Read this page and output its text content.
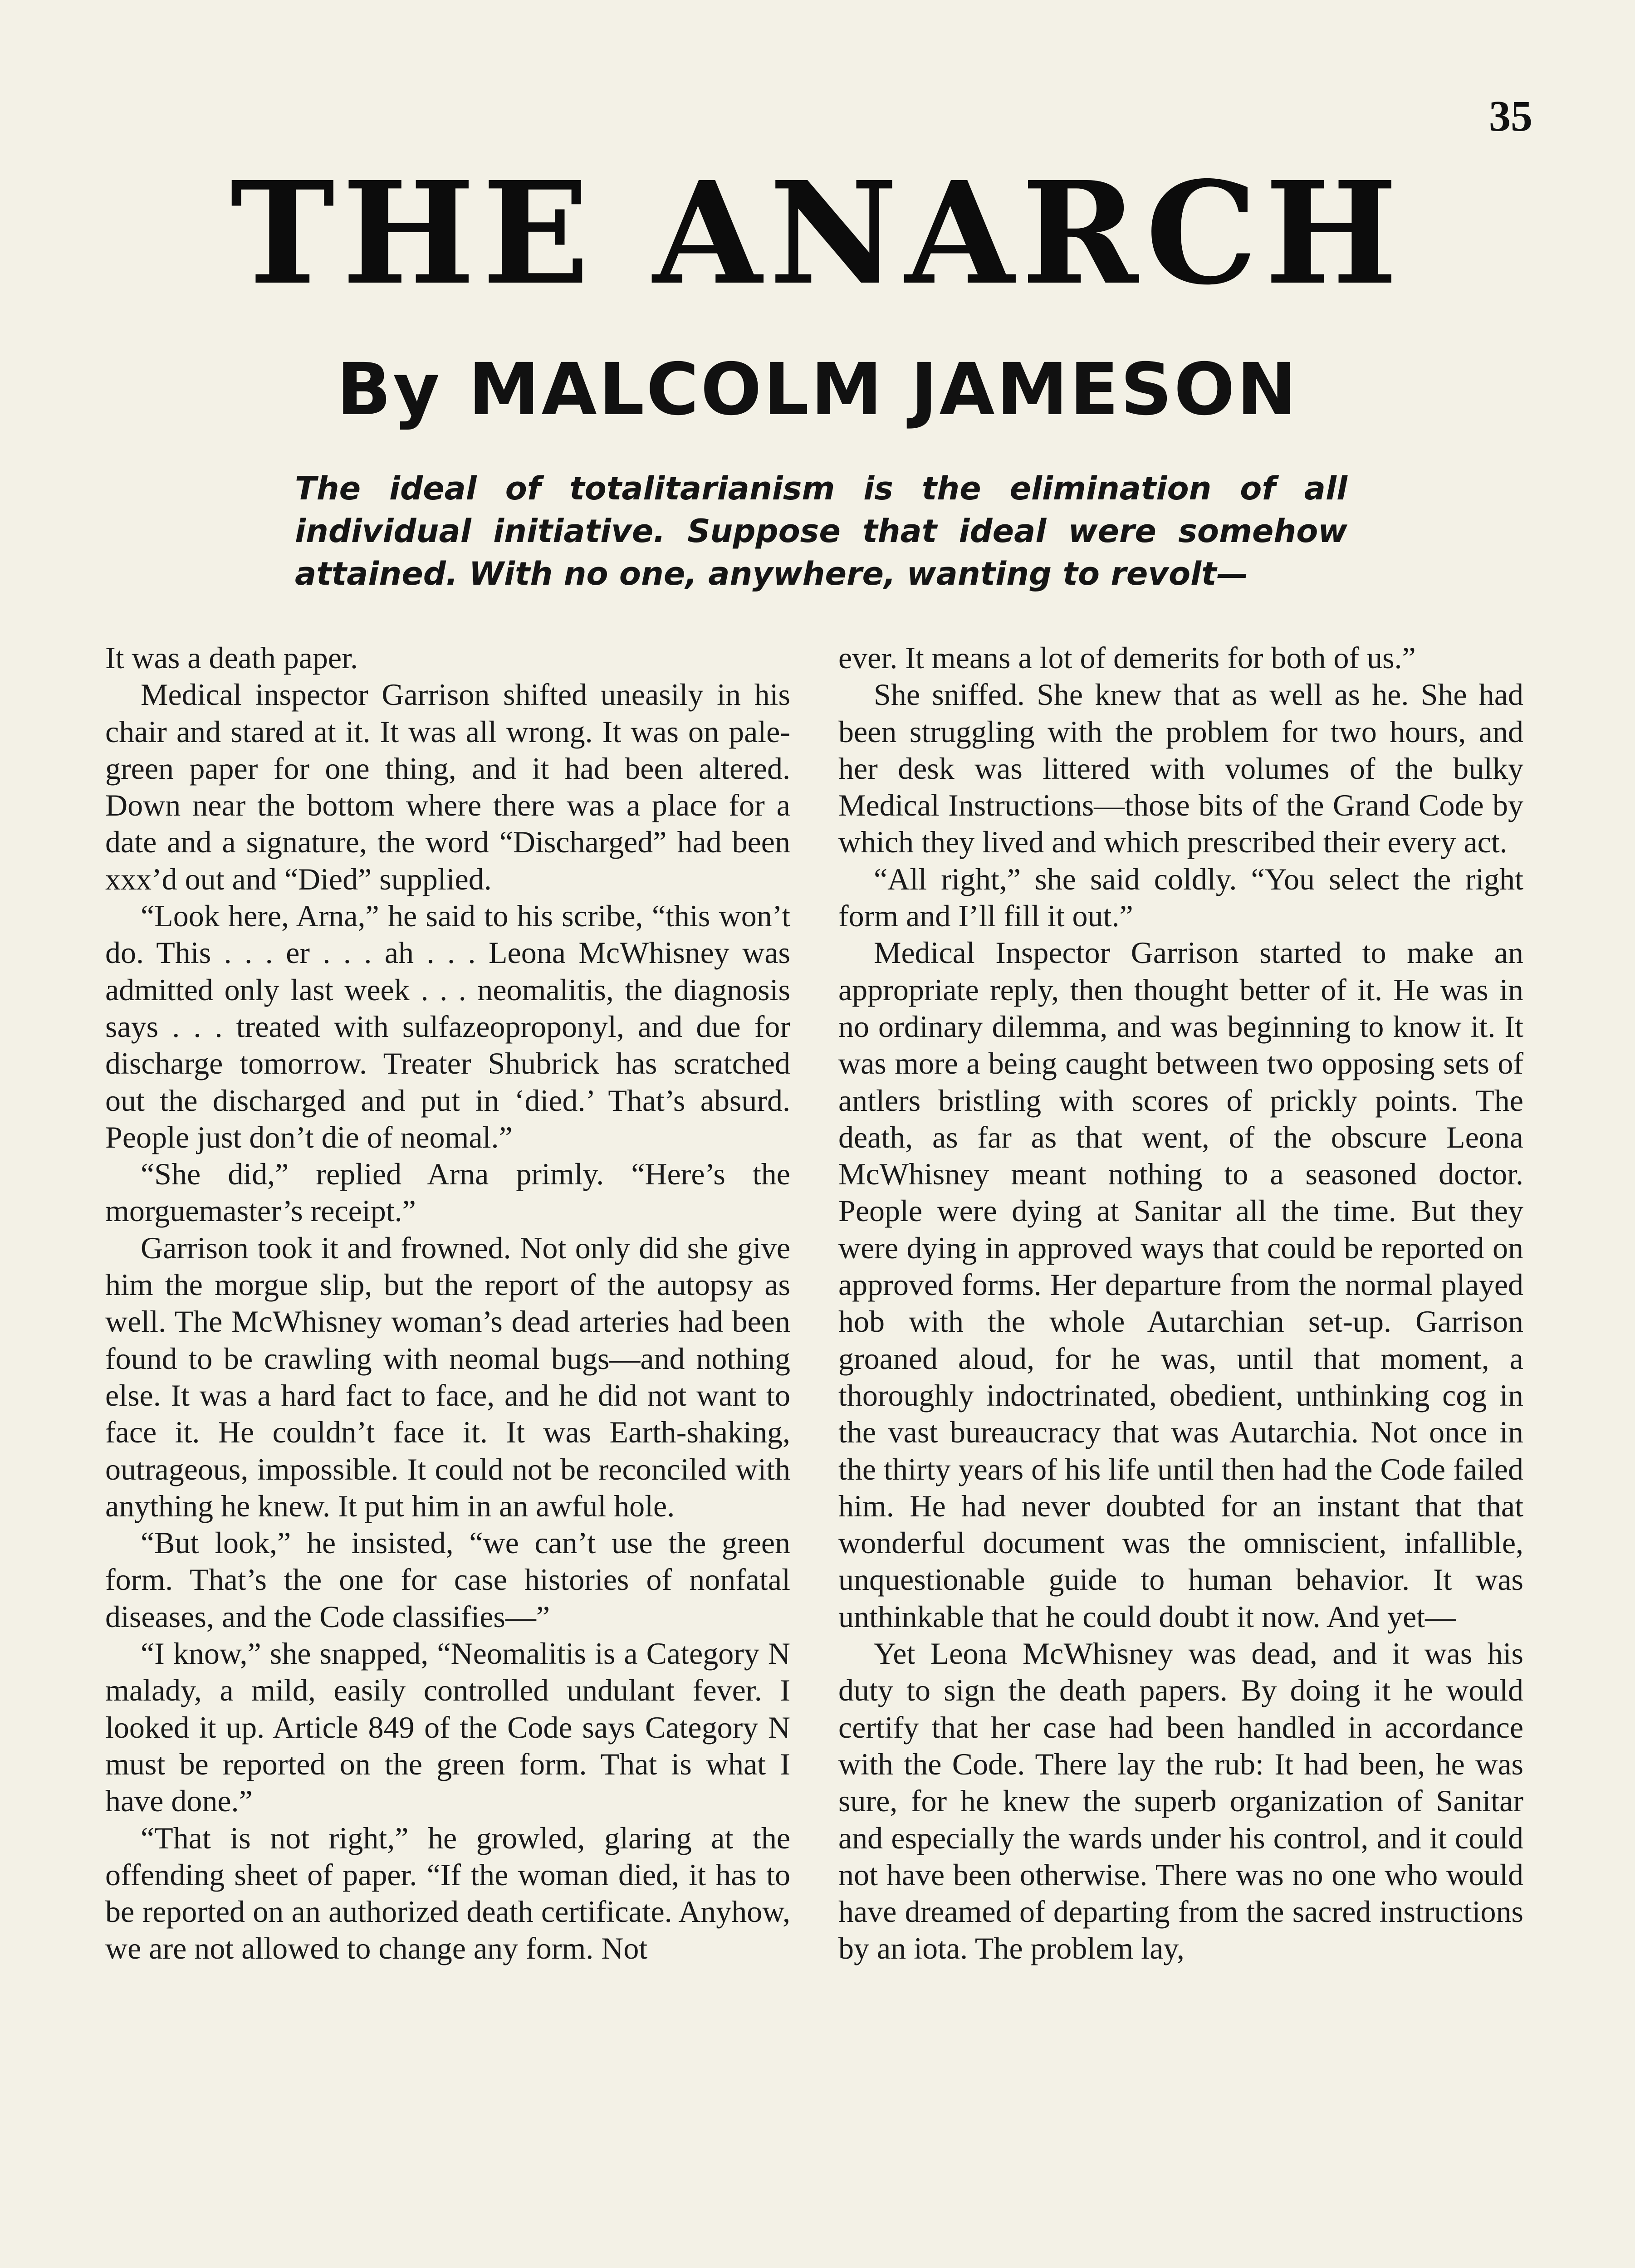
35
THE ANARCH
By MALCOLM JAMESON
The ideal of totalitarianism is the elimination of all individual initiative. Suppose that ideal were somehow attained. With no one, anywhere, wanting to revolt—

It was a death paper.

Medical inspector Garrison shifted uneasily in his chair and stared at it. It was all wrong. It was on pale-green paper for one thing, and it had been altered. Down near the bottom where there was a place for a date and a signature, the word “Discharged” had been xxx’d out and “Died” supplied.

“Look here, Arna,” he said to his scribe, “this won’t do. This . . . er . . . ah . . . Leona McWhisney was admitted only last week . . . neomalitis, the diagnosis says . . . treated with sulfazeoproponyl, and due for discharge tomorrow. Treater Shubrick has scratched out the discharged and put in ‘died.’ That’s absurd. People just don’t die of neomal.”

“She did,” replied Arna primly. “Here’s the morguemaster’s receipt.”

Garrison took it and frowned. Not only did she give him the morgue slip, but the report of the autopsy as well. The McWhisney woman’s dead arteries had been found to be crawling with neomal bugs—and nothing else. It was a hard fact to face, and he did not want to face it. He couldn’t face it. It was Earth-shaking, outrageous, impossible. It could not be reconciled with anything he knew. It put him in an awful hole.

“But look,” he insisted, “we can’t use the green form. That’s the one for case histories of nonfatal diseases, and the Code classifies—”

“I know,” she snapped, “Neomalitis is a Category N malady, a mild, easily controlled undulant fever. I looked it up. Article 849 of the Code says Category N must be reported on the green form. That is what I have done.”

“That is not right,” he growled, glaring at the offending sheet of paper. “If the woman died, it has to be reported on an authorized death certificate. Anyhow, we are not allowed to change any form. Not

ever. It means a lot of demerits for both of us.”

She sniffed. She knew that as well as he. She had been struggling with the problem for two hours, and her desk was littered with volumes of the bulky Medical Instructions—those bits of the Grand Code by which they lived and which prescribed their every act.

“All right,” she said coldly. “You select the right form and I’ll fill it out.”

Medical Inspector Garrison started to make an appropriate reply, then thought better of it. He was in no ordinary dilemma, and was beginning to know it. It was more a being caught between two opposing sets of antlers bristling with scores of prickly points. The death, as far as that went, of the obscure Leona McWhisney meant nothing to a seasoned doctor. People were dying at Sanitar all the time. But they were dying in approved ways that could be reported on approved forms. Her departure from the normal played hob with the whole Autarchian set-up. Garrison groaned aloud, for he was, until that moment, a thoroughly indoctrinated, obedient, unthinking cog in the vast bureaucracy that was Autarchia. Not once in the thirty years of his life until then had the Code failed him. He had never doubted for an instant that that wonderful document was the omniscient, infallible, unquestionable guide to human behavior. It was unthinkable that he could doubt it now. And yet—

Yet Leona McWhisney was dead, and it was his duty to sign the death papers. By doing it he would certify that her case had been handled in accordance with the Code. There lay the rub: It had been, he was sure, for he knew the superb organization of Sanitar and especially the wards under his control, and it could not have been otherwise. There was no one who would have dreamed of departing from the sacred instructions by an iota. The problem lay,
